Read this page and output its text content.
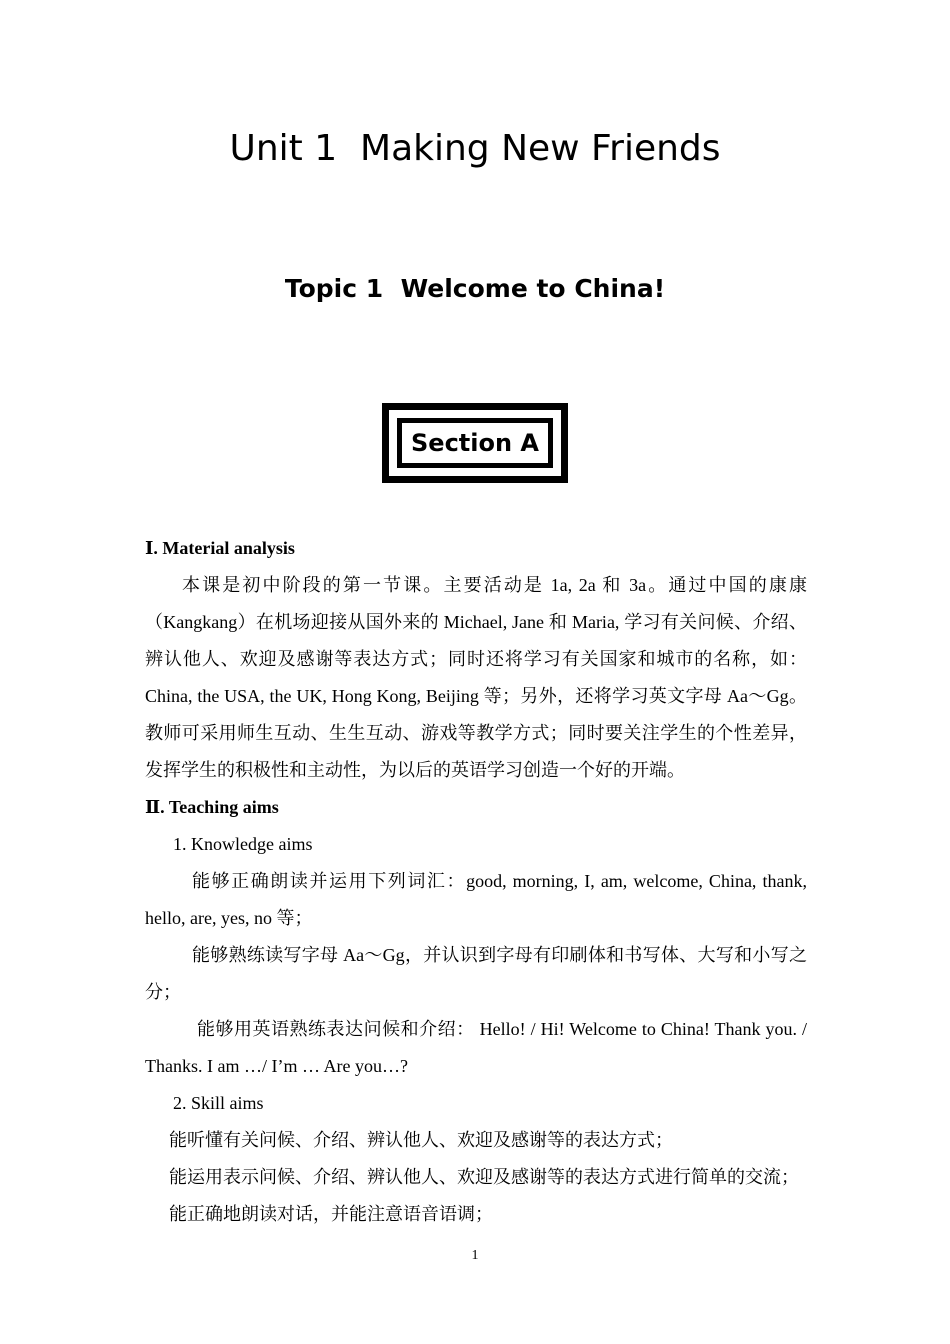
Unit 1  Making New Friends
Topic 1  Welcome to China!
Section A
Ⅰ. Material analysis
本课是初中阶段的第一节课。主要活动是 1a, 2a 和 3a。通过中国的康康（Kangkang）在机场迎接从国外来的 Michael, Jane 和 Maria, 学习有关问候、介绍、辨认他人、欢迎及感谢等表达方式；同时还将学习有关国家和城市的名称，如：China, the USA, the UK, Hong Kong, Beijing 等；另外，还将学习英文字母 Aa～Gg。教师可采用师生互动、生生互动、游戏等教学方式；同时要关注学生的个性差异，发挥学生的积极性和主动性，为以后的英语学习创造一个好的开端。
Ⅱ. Teaching aims
1. Knowledge aims
能够正确朗读并运用下列词汇：good, morning, I, am, welcome, China, thank, hello, are, yes, no 等；
能够熟练读写字母 Aa～Gg，并认识到字母有印刷体和书写体、大写和小写之分；
能够用英语熟练表达问候和介绍： Hello! / Hi! Welcome to China! Thank you. / Thanks. I am …/ I’m … Are you…?
2. Skill aims
能听懂有关问候、介绍、辨认他人、欢迎及感谢等的表达方式；
能运用表示问候、介绍、辨认他人、欢迎及感谢等的表达方式进行简单的交流；
能正确地朗读对话，并能注意语音语调；
1
